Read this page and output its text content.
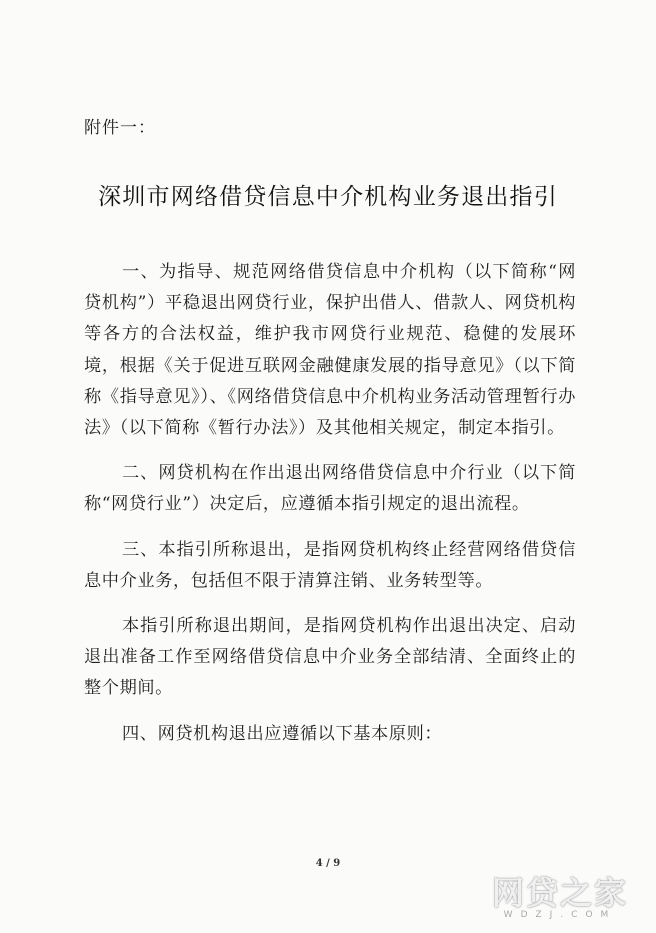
附件一：
深圳市网络借贷信息中介机构业务退出指引

一、为指导、规范网络借贷信息中介机构（以下简称“网贷机构”）平稳退出网贷行业，保护出借人、借款人、网贷机构等各方的合法权益，维护我市网贷行业规范、稳健的发展环境，根据《关于促进互联网金融健康发展的指导意见》（以下简称《指导意见》）、《网络借贷信息中介机构业务活动管理暂行办法》（以下简称《暂行办法》）及其他相关规定，制定本指引。

二、网贷机构在作出退出网络借贷信息中介行业（以下简称“网贷行业”）决定后，应遵循本指引规定的退出流程。

三、本指引所称退出，是指网贷机构终止经营网络借贷信息中介业务，包括但不限于清算注销、业务转型等。

本指引所称退出期间，是指网贷机构作出退出决定、启动退出准备工作至网络借贷信息中介业务全部结清、全面终止的整个期间。

四、网贷机构退出应遵循以下基本原则：

4 / 9
网贷之家
WDZJ.COM
